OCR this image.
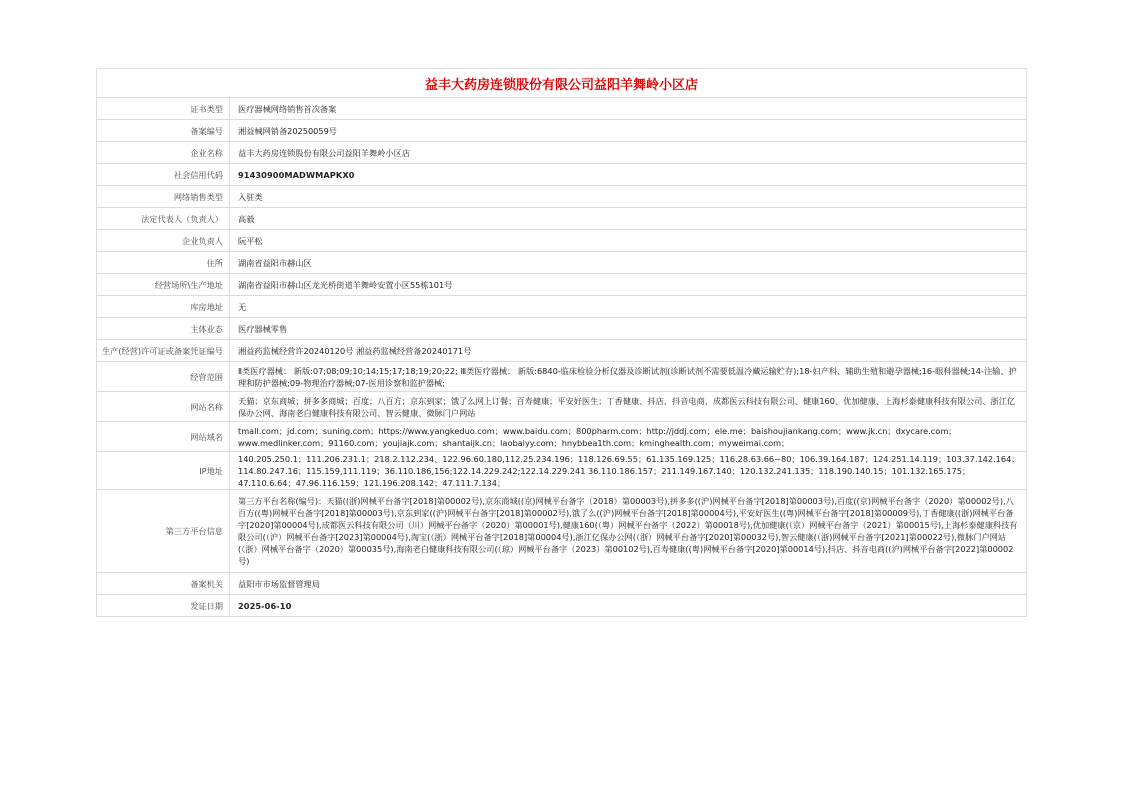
益丰大药房连锁股份有限公司益阳羊舞岭小区店
证书类型	医疗器械网络销售首次备案
备案编号	湘益械网销备20250059号
企业名称	益丰大药房连锁股份有限公司益阳羊舞岭小区店
社会信用代码	91430900MADWMAPKX0
网络销售类型	入驻类
法定代表人（负责人）	高毅
企业负责人	阮平松
住所	湖南省益阳市赫山区
经营场所\生产地址	湖南省益阳市赫山区龙光桥街道羊舞岭安置小区55栋101号
库房地址	无
主体业态	医疗器械零售
生产(经营)许可证或备案凭证编号	湘益药监械经营许20240120号 湘益药监械经营备20240171号
经营范围	Ⅱ类医疗器械： 新版:07;08;09;10;14;15;17;18;19;20;22; Ⅲ类医疗器械： 新版:6840-临床检验分析仪器及诊断试剂(诊断试剂不需要低温冷藏运输贮存);18-妇产科、辅助生殖和避孕器械;16-眼科器械;14-注输、护理和防护器械;09-物理治疗器械;07-医用诊察和监护器械;
网站名称	天猫；京东商城；拼多多商城；百度；八百方；京东到家；饿了么网上订餐；百寿健康；平安好医生；丁香健康、抖店、抖音电商、成都医云科技有限公司、健康160、优加健康、上海杉泰健康科技有限公司、浙江亿保办公网、海南老白健康科技有限公司、智云健康、微脉门户网站
网站域名	tmall.com；jd.com；suning.com；https://www.yangkeduo.com；www.baidu.com；800pharm.com；http://jddj.com；ele.me；baishoujiankang.com；www.jk.cn；dxycare.com；www.medlinker.com；91160.com；youjiajk.com；shantaijk.cn；laobaiyy.com；hnybbea1th.com；kminghealth.com；myweimai.com；
IP地址	140.205.250.1；111.206.231.1；218.2.112.234、122.96.60.180,112.25.234.196；118.126.69.55；61.135.169.125；116.28.63.66~80；106.39.164.187；124.251.14.119；103.37.142.164；114.80.247.16；115.159,111.119；36.110.186,156;122.14.229.242;122.14.229.241 36.110.186.157；211.149.167.140；120.132.241.135；118.190.140.15；101.132.165.175；47.110.6.64；47.96.116.159；121.196.208.142；47.111.7.134；
第三方平台信息	第三方平台名称(编号)：天猫((浙)网械平台备字[2018]第00002号),京东商城((京)网械平台备字（2018）第00003号),拼多多((沪)网械平台备字[2018]第00003号),百度((京)网械平台备字（2020）第00002号),八百方((粤)网械平台备字[2018]第00003号),京东到家((沪)网械平台备字[2018]第00002号),饿了么((沪)网械平台备字[2018]第00004号),平安好医生((粤)网械平台备字[2018]第00009号),丁香健康((浙)网械平台备字[2020]第00004号),成都医云科技有限公司（川）网械平台备字（2020）第00001号),健康160(（粤）网械平台备字（2022）第00018号),优加健康(（京）网械平台备字（2021）第00015号),上海杉泰健康科技有限公司(（沪）网械平台备字[2023]第00004号),淘宝(（浙）网械平台备字[2018]第00004号),浙江亿保办公网(（浙）网械平台备字[2020]第00032号),智云健康(（浙)网械平台备字[2021]第00022号),微脉门户网站(（浙）网械平台备字（2020）第00035号),海南老白健康科技有限公司(（琼）网械平台备字（2023）第00102号),百寿健康((粤)网械平台备字[2020]第00014号),抖店、抖音电商((沪)网械平台备字[2022]第00002号)
备案机关	益阳市市场监督管理局
发证日期	2025-06-10
